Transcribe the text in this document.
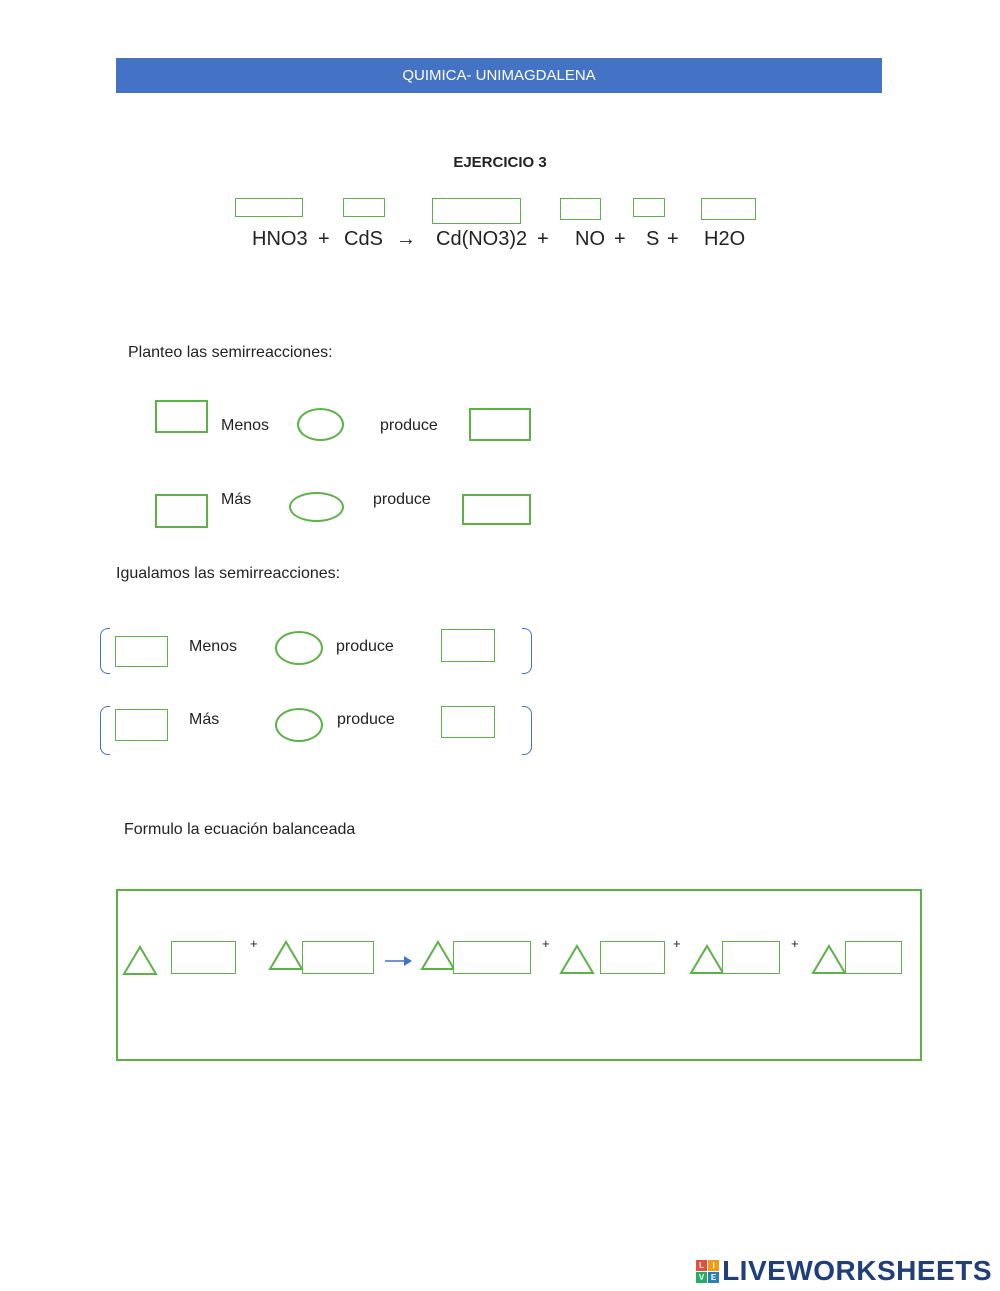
QUIMICA- UNIMAGDALENA
EJERCICIO 3
HNO3 + CdS → Cd(NO3)2 + NO + S + H2O
Planteo las semirreacciones:
Menos	produce
Más	produce
Igualamos las semirreacciones:
Menos	produce
Más	produce
Formulo la ecuación balanceada
+	+	+	+
L	I
V E LIVEWORKSHEETS
